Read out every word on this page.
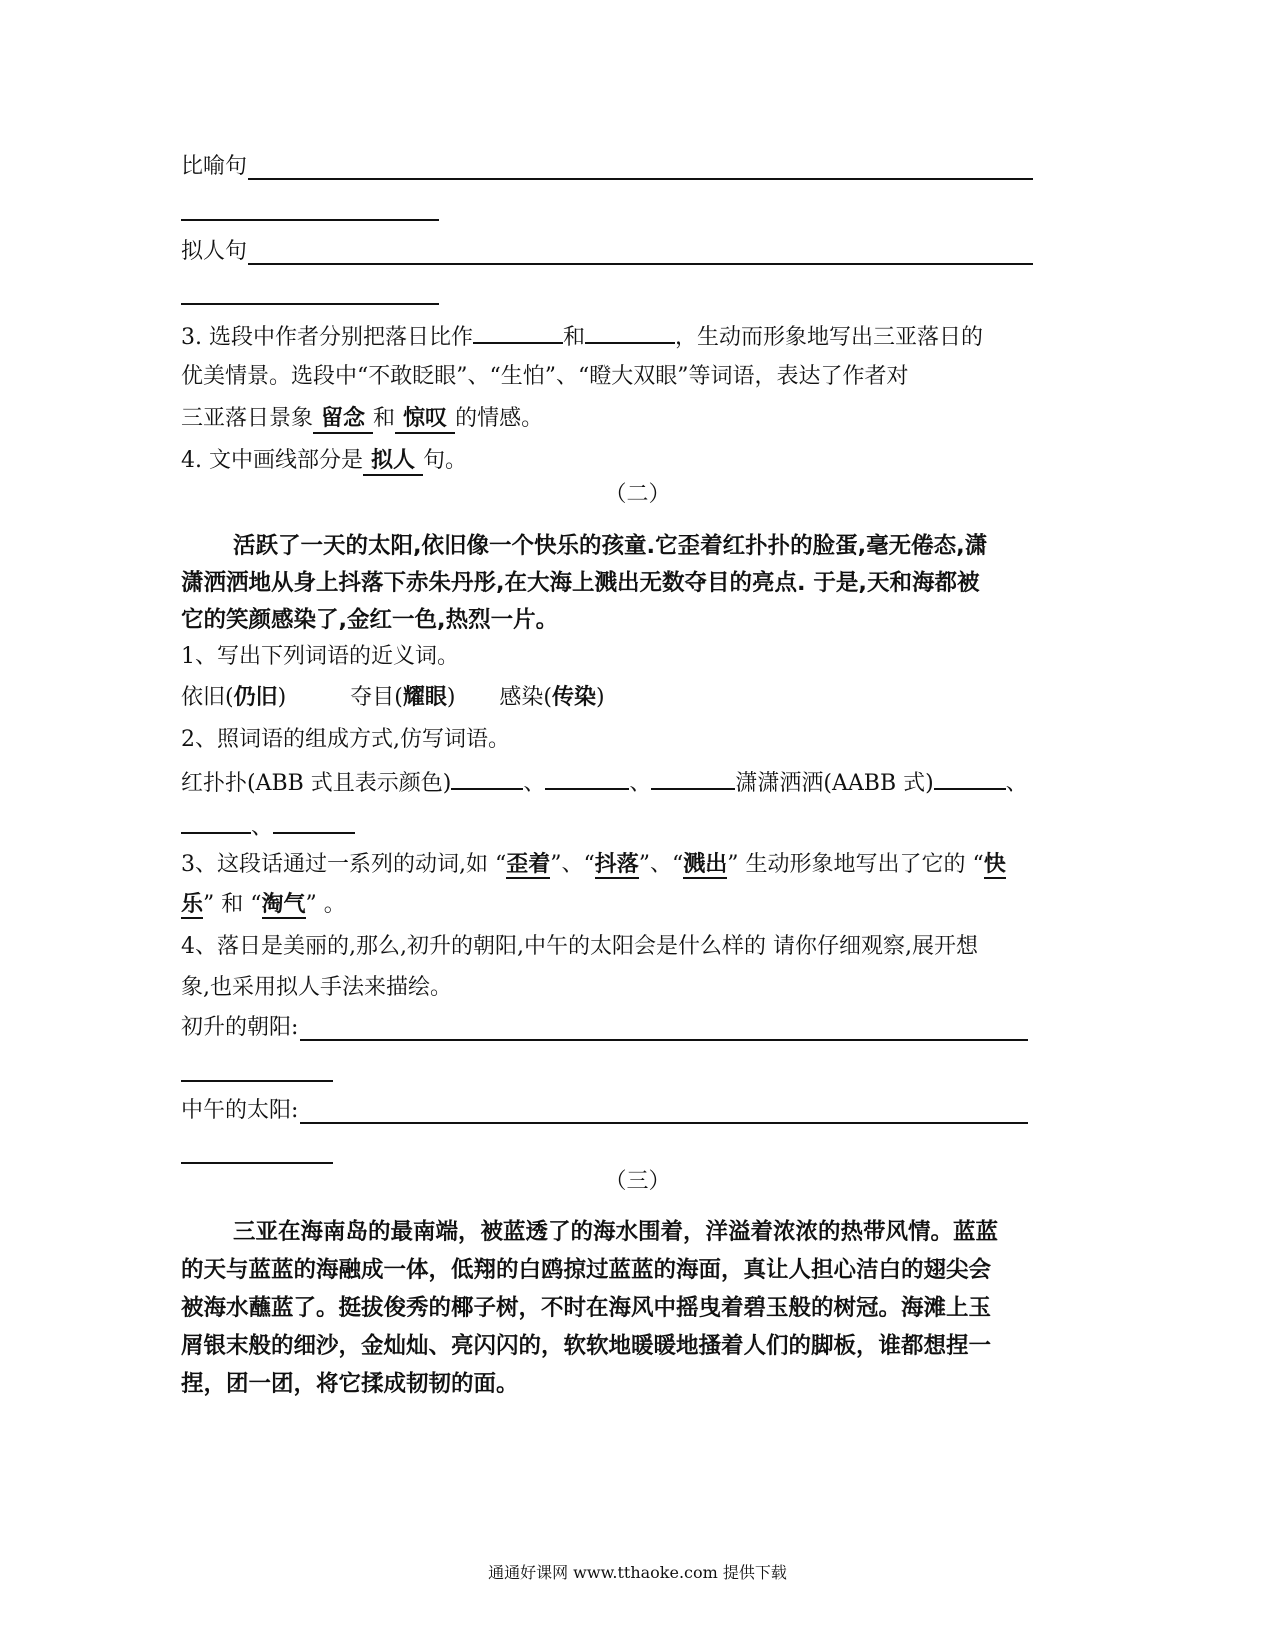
比喻句
拟人句
3. 选段中作者分别把落日比作	和	，生动而形象地写出三亚落日的
优美情景。选段中“不敢眨眼”、“生怕”、“瞪大双眼”等词语，表达了作者对
三亚落日景象 留念 和 惊叹 的情感。
4. 文中画线部分是 拟人 句。
（二）
活跃了一天的太阳,依旧像一个快乐的孩童.它歪着红扑扑的脸蛋,毫无倦态,潇
潇洒洒地从身上抖落下赤朱丹彤,在大海上溅出无数夺目的亮点. 于是,天和海都被
它的笑颜感染了,金红一色,热烈一片。
1、写出下列词语的近义词。
依旧(仍旧)	夺目(耀眼)  感染(传染)
2、照词语的组成方式,仿写词语。
红扑扑(ABB 式且表示颜色)	、	、	潇潇洒洒(AABB 式)	、
、
3、这段话通过一系列的动词,如 “歪着”、“抖落”、“溅出” 生动形象地写出了它的 “快
乐” 和 “淘气” 。
4、落日是美丽的,那么,初升的朝阳,中午的太阳会是什么样的 请你仔细观察,展开想
象,也采用拟人手法来描绘。
初升的朝阳:
中午的太阳:
（三）
三亚在海南岛的最南端，被蓝透了的海水围着，洋溢着浓浓的热带风情。蓝蓝
的天与蓝蓝的海融成一体，低翔的白鸥掠过蓝蓝的海面，真让人担心洁白的翅尖会
被海水蘸蓝了。挺拔俊秀的椰子树，不时在海风中摇曳着碧玉般的树冠。海滩上玉
屑银末般的细沙，金灿灿、亮闪闪的，软软地暖暖地搔着人们的脚板，谁都想捏一
捏，团一团，将它揉成韧韧的面。
通通好课网 www.tthaoke.com 提供下载
